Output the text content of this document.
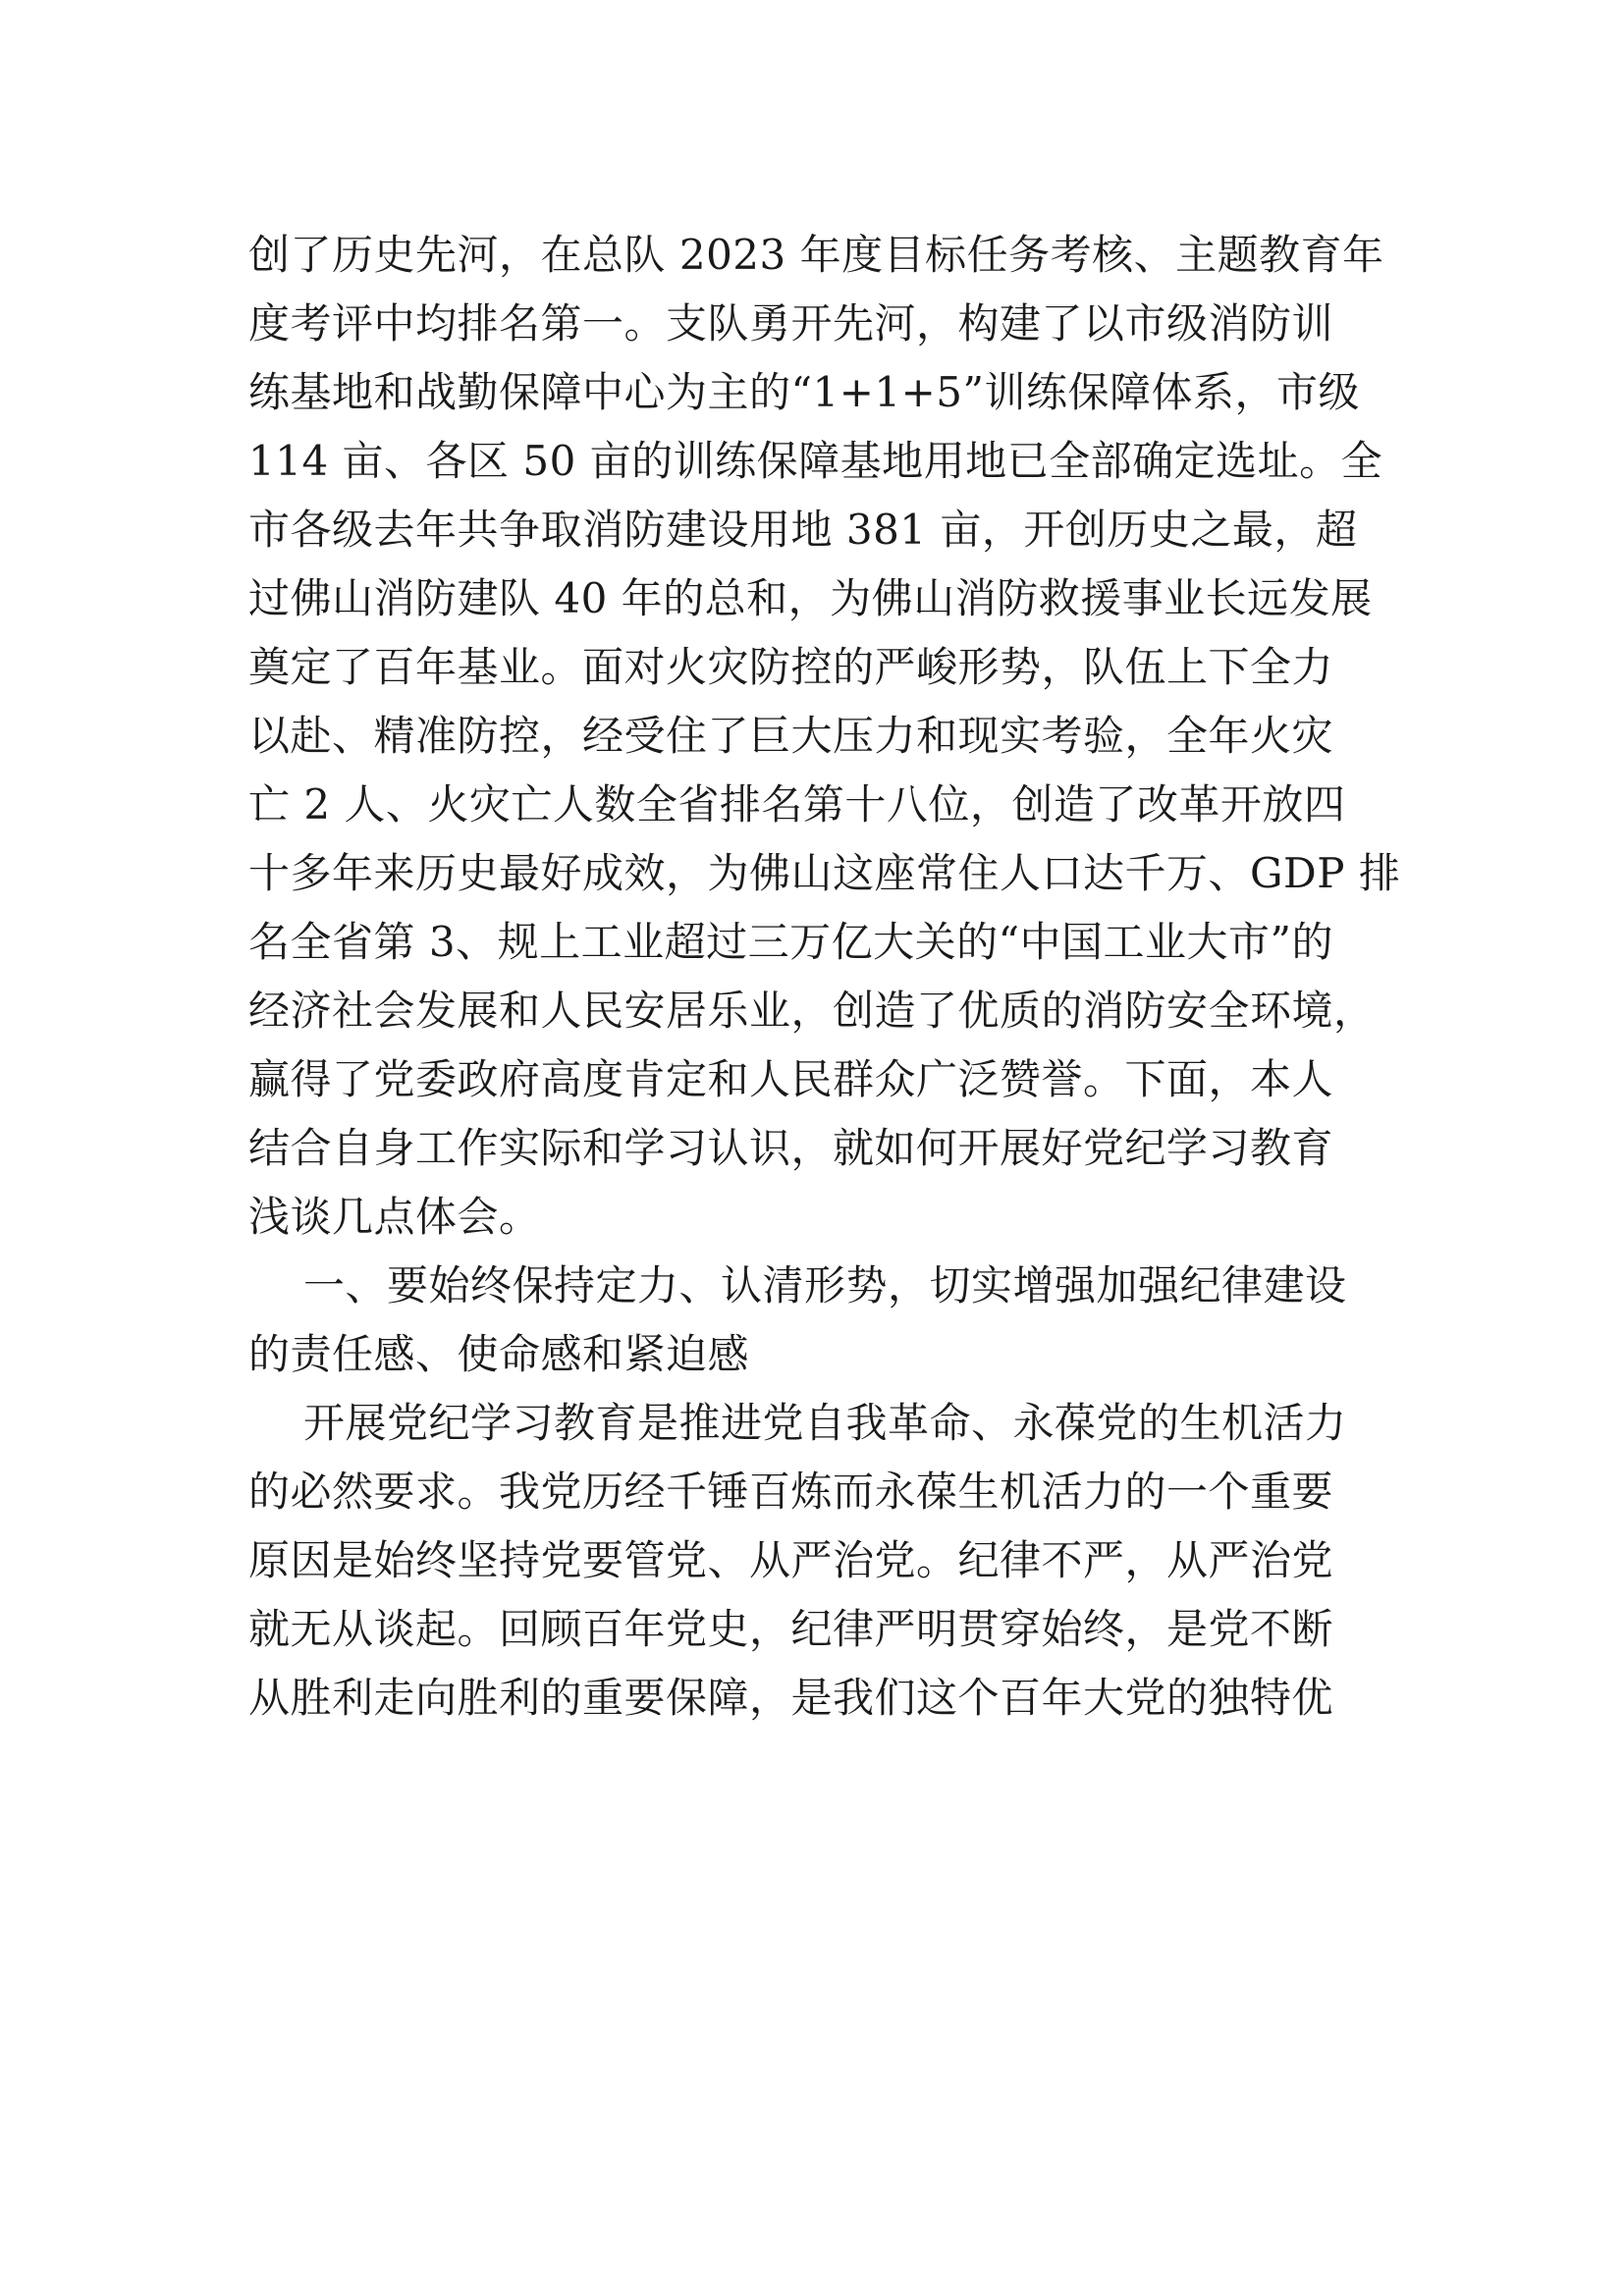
创了历史先河，在总队 2023 年度目标任务考核、主题教育年
度考评中均排名第一。支队勇开先河，构建了以市级消防训
练基地和战勤保障中心为主的“1+1+5”训练保障体系，市级
114 亩、各区 50 亩的训练保障基地用地已全部确定选址。全
市各级去年共争取消防建设用地 381 亩，开创历史之最，超
过佛山消防建队 40 年的总和，为佛山消防救援事业长远发展
奠定了百年基业。面对火灾防控的严峻形势，队伍上下全力
以赴、精准防控，经受住了巨大压力和现实考验，全年火灾
亡 2 人、火灾亡人数全省排名第十八位，创造了改革开放四
十多年来历史最好成效，为佛山这座常住人口达千万、GDP 排
名全省第 3、规上工业超过三万亿大关的“中国工业大市”的
经济社会发展和人民安居乐业，创造了优质的消防安全环境，
赢得了党委政府高度肯定和人民群众广泛赞誉。下面，本人
结合自身工作实际和学习认识，就如何开展好党纪学习教育
浅谈几点体会。
一、要始终保持定力、认清形势，切实增强加强纪律建设
的责任感、使命感和紧迫感
开展党纪学习教育是推进党自我革命、永葆党的生机活力
的必然要求。我党历经千锤百炼而永葆生机活力的一个重要
原因是始终坚持党要管党、从严治党。纪律不严，从严治党
就无从谈起。回顾百年党史，纪律严明贯穿始终，是党不断
从胜利走向胜利的重要保障，是我们这个百年大党的独特优
